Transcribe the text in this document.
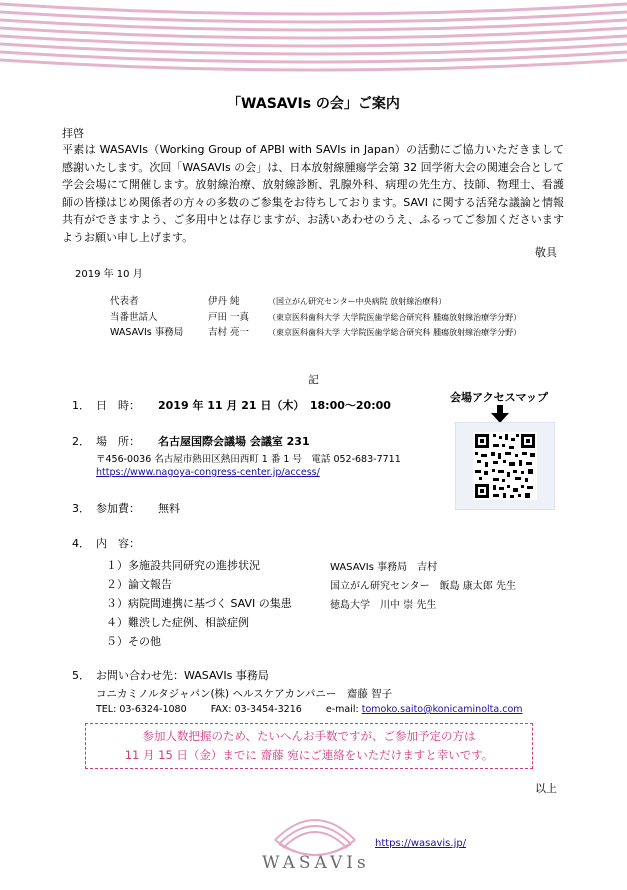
「WASAVIs の会」ご案内
拝啓
平素は WASAVIs（Working Group of APBI with SAVIs in Japan）の活動にご協力いただきまして感謝いたします。次回「WASAVIs の会」は、日本放射線腫瘍学会第 32 回学術大会の関連会合として学会会場にて開催します。放射線治療、放射線診断、乳腺外科、病理の先生方、技師、物理士、看護師の皆様はじめ関係者の方々の多数のご参集をお待ちしております。SAVI に関する活発な議論と情報共有ができますよう、ご多用中とは存じますが、お誘いあわせのうえ、ふるってご参加くださいますようお願い申し上げます。
敬具
2019 年 10 月
代表者	伊丹 純	（国立がん研究センター中央病院 放射線治療科）
当番世話人	戸田 一真 （東京医科歯科大学 大学院医歯学総合研究科 腫瘍放射線治療学分野）
WASAVIs 事務局	吉村 亮一 （東京医科歯科大学 大学院医歯学総合研究科 腫瘍放射線治療学分野）
記
1． 日　時： 2019 年 11 月 21 日（木）　18:00〜20:00
会場アクセスマップ
2． 場　所： 名古屋国際会議場 会議室 231
〒456-0036 名古屋市熱田区熱田西町 1 番 1 号　電話 052-683-7711
https://www.nagoya-congress-center.jp/access/
3． 参加費： 無料
4． 内　容：
１）多施設共同研究の進捗状況	WASAVIs 事務局　吉村
２）論文報告	国立がん研究センター　飯島 康太郎 先生
３）病院間連携に基づく SAVI の集患	徳島大学　川中 崇 先生
４）難渋した症例、相談症例
５）その他
5． お問い合わせ先：WASAVIs 事務局
コニカミノルタジャパン(株) ヘルスケアカンパニー　齋藤 智子
TEL: 03-6324-1080	FAX: 03-3454-3216	e-mail: tomoko.saito@konicaminolta.com
参加人数把握のため、たいへんお手数ですが、ご参加予定の方は
11 月 15 日（金）までに 齋藤 宛にご連絡をいただけますと幸いです。
以上
WASAVIs
https://wasavis.jp/
